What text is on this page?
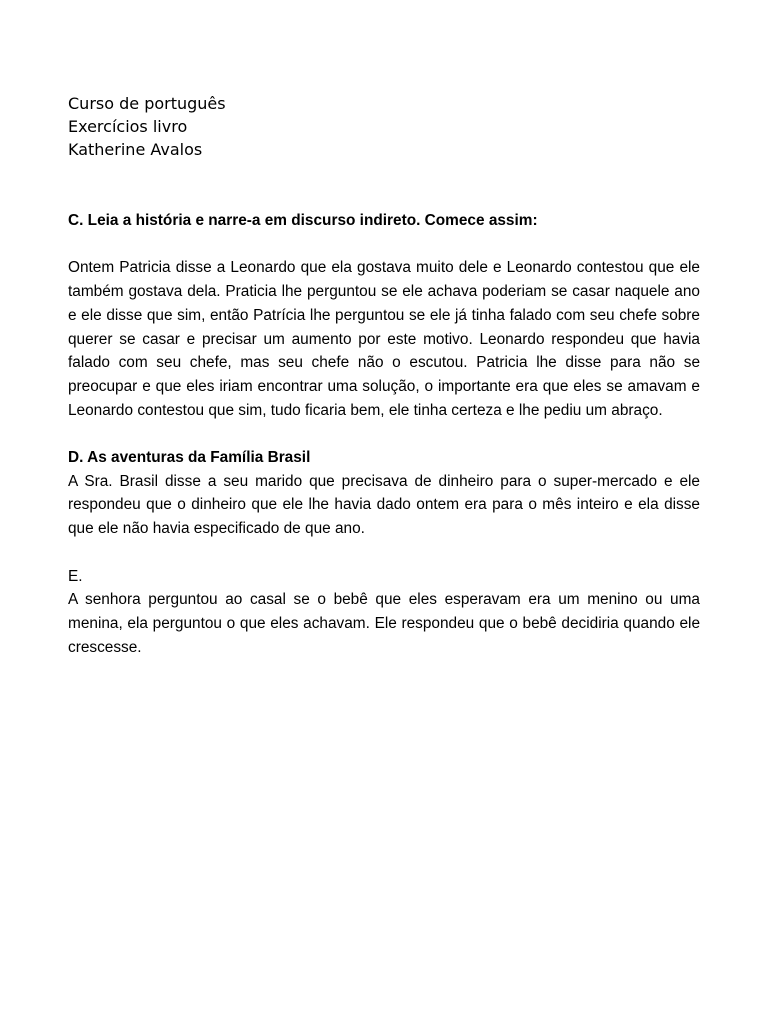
Curso de português
Exercícios livro
Katherine Avalos

C. Leia a história e narre-a em discurso indireto. Comece assim:

Ontem Patricia disse a Leonardo que ela gostava muito dele e Leonardo contestou que ele também gostava dela. Praticia lhe perguntou se ele achava poderiam se casar naquele ano e ele disse que sim, então Patrícia lhe perguntou se ele já tinha falado com seu chefe sobre querer se casar e precisar um aumento por este motivo. Leonardo respondeu que havia falado com seu chefe, mas seu chefe não o escutou. Patricia lhe disse para não se preocupar e que eles iriam encontrar uma solução, o importante era que eles se amavam e Leonardo contestou que sim, tudo ficaria bem, ele tinha certeza e lhe pediu um abraço.

D. As aventuras da Família Brasil

A Sra. Brasil disse a seu marido que precisava de dinheiro para o super-mercado e ele respondeu que o dinheiro que ele lhe havia dado ontem era para o mês inteiro e ela disse que ele não havia especificado de que ano.

E.

A senhora perguntou ao casal se o bebê que eles esperavam era um menino ou uma menina, ela perguntou o que eles achavam. Ele respondeu que o bebê decidiria quando ele crescesse.
